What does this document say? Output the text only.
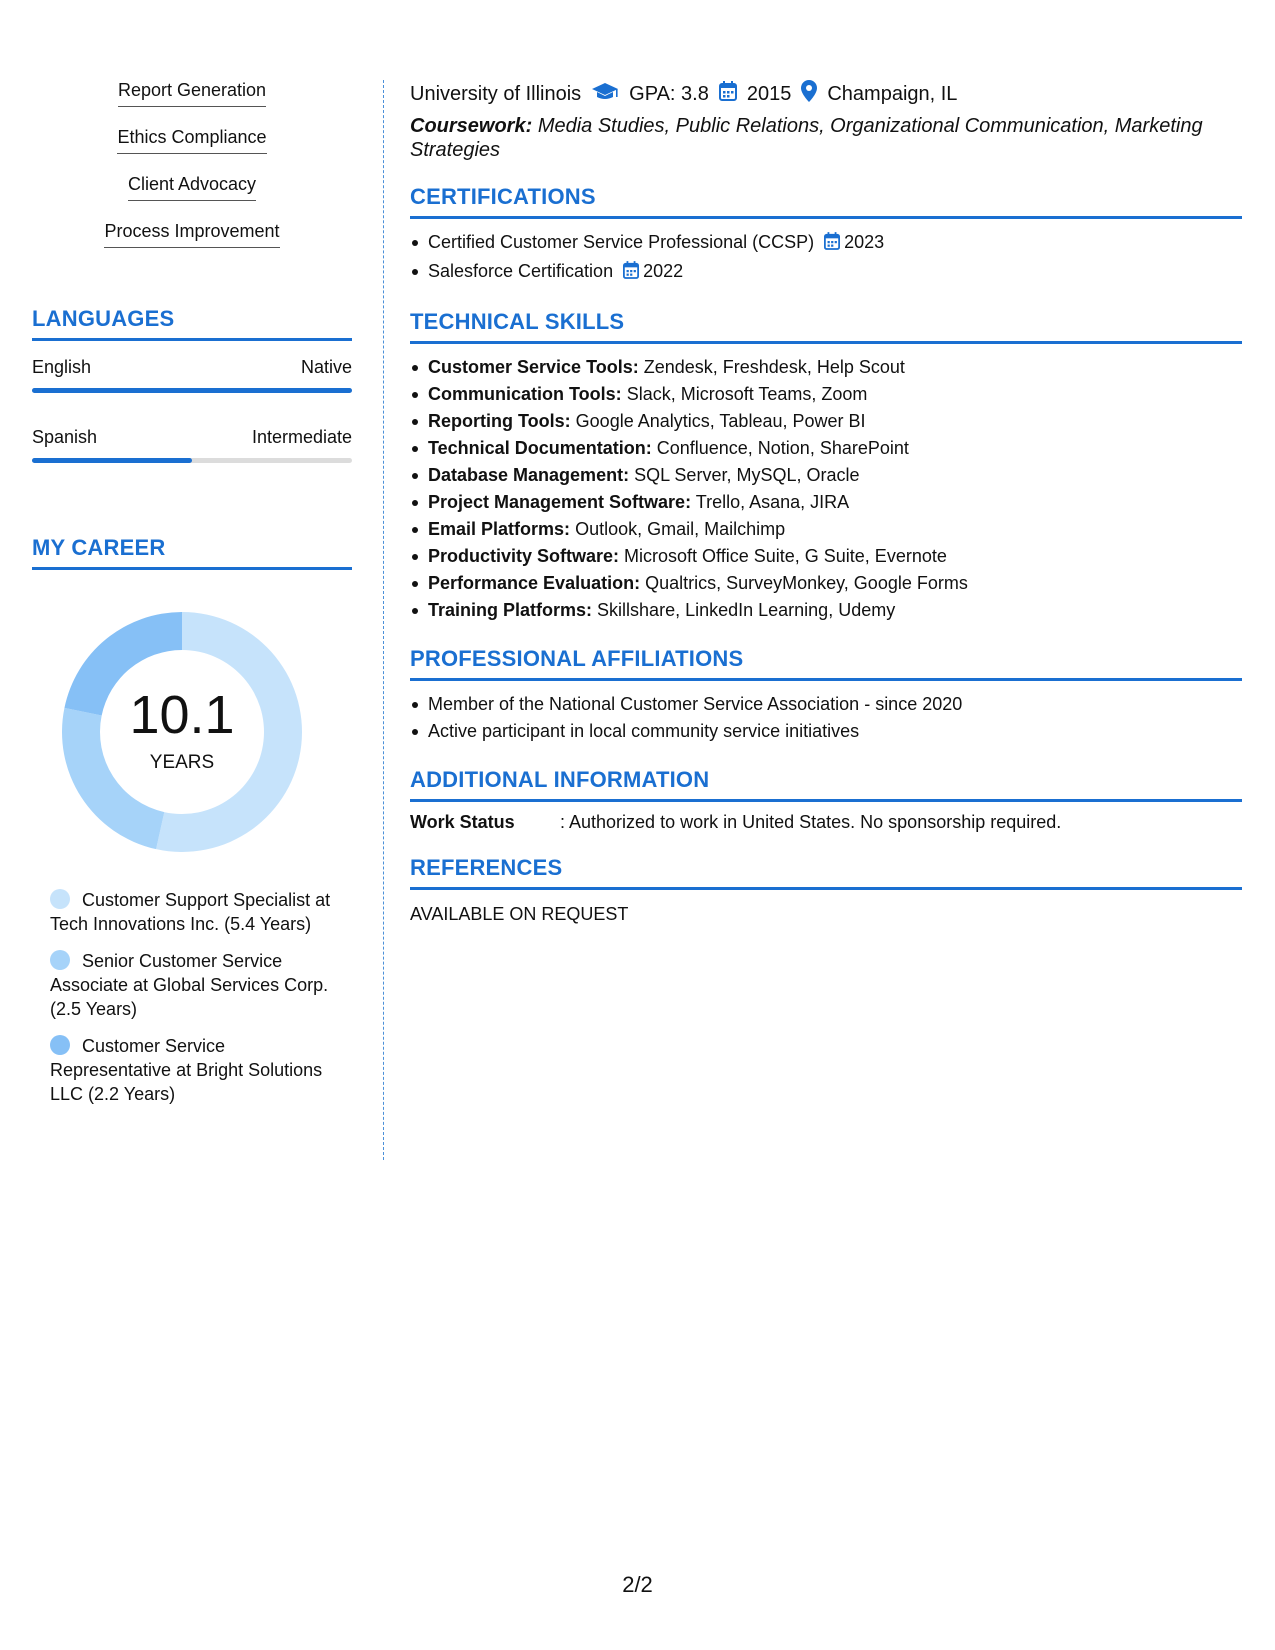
Report Generation
Ethics Compliance
Client Advocacy
Process Improvement
LANGUAGES
English	Native
Spanish	Intermediate
MY CAREER
10.1
YEARS
Customer Support Specialist at Tech Innovations Inc. (5.4 Years)
Senior Customer Service Associate at Global Services Corp. (2.5 Years)
Customer Service Representative at Bright Solutions LLC (2.2 Years)
University of Illinois GPA: 3.8 2015 Champaign, IL
Coursework: Media Studies, Public Relations, Organizational Communication, Marketing Strategies
CERTIFICATIONS
Certified Customer Service Professional (CCSP) 2023
Salesforce Certification 2022
TECHNICAL SKILLS
Customer Service Tools: Zendesk, Freshdesk, Help Scout
Communication Tools: Slack, Microsoft Teams, Zoom
Reporting Tools: Google Analytics, Tableau, Power BI
Technical Documentation: Confluence, Notion, SharePoint
Database Management: SQL Server, MySQL, Oracle
Project Management Software: Trello, Asana, JIRA
Email Platforms: Outlook, Gmail, Mailchimp
Productivity Software: Microsoft Office Suite, G Suite, Evernote
Performance Evaluation: Qualtrics, SurveyMonkey, Google Forms
Training Platforms: Skillshare, LinkedIn Learning, Udemy
PROFESSIONAL AFFILIATIONS
Member of the National Customer Service Association - since 2020
Active participant in local community service initiatives
ADDITIONAL INFORMATION
Work Status	: Authorized to work in United States. No sponsorship required.
REFERENCES
AVAILABLE ON REQUEST
2/2
